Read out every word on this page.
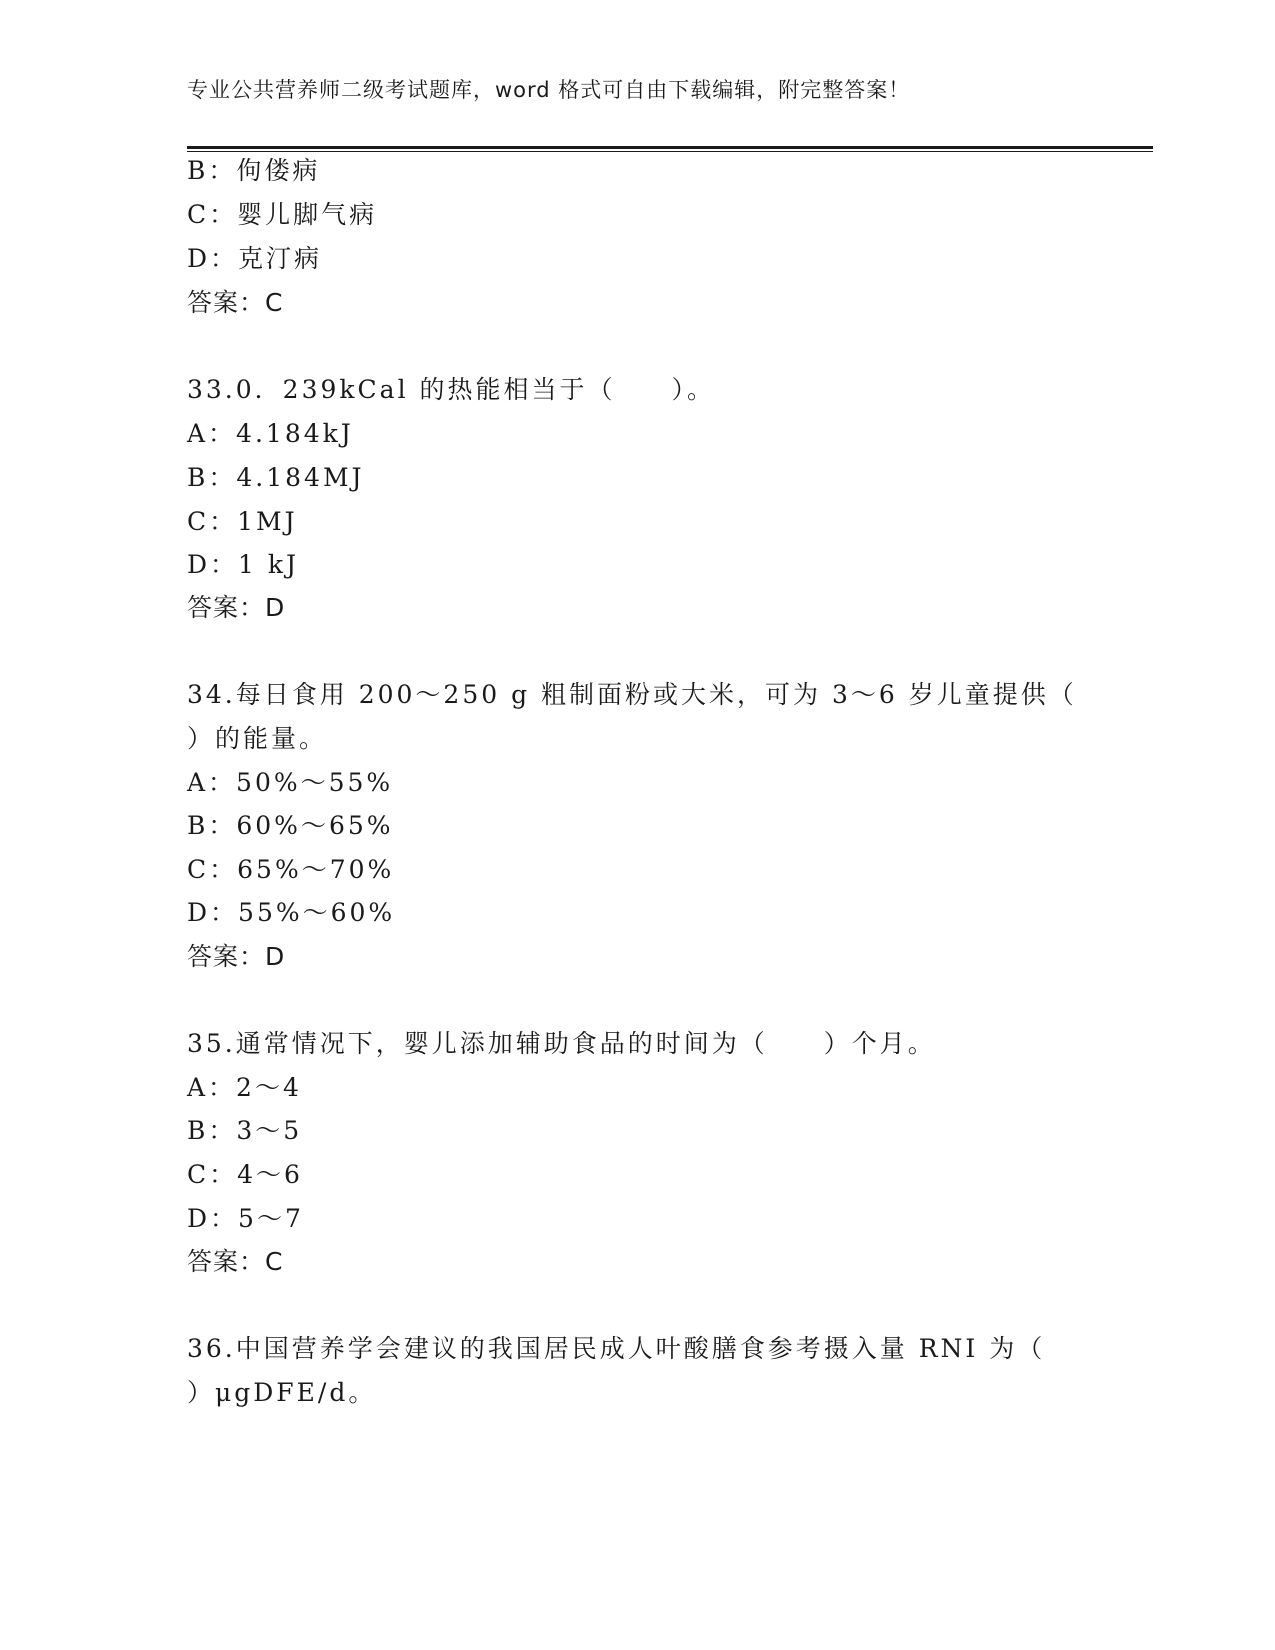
专业公共营养师二级考试题库，word 格式可自由下载编辑，附完整答案！
B：佝偻病
C：婴儿脚气病
D：克汀病
答案：C
33.0．239kCal 的热能相当于（　　）。
A：4.184kJ
B：4.184MJ
C：1MJ
D：1 kJ
答案：D
34.每日食用 200～250 g 粗制面粉或大米，可为 3～6 岁儿童提供（
）的能量。
A：50%～55%
B：60%～65%
C：65%～70%
D：55%～60%
答案：D
35.通常情况下，婴儿添加辅助食品的时间为（　　）个月。
A：2～4
B：3～5
C：4～6
D：5～7
答案：C
36.中国营养学会建议的我国居民成人叶酸膳食参考摄入量 RNI 为（
）μgDFE/d。
